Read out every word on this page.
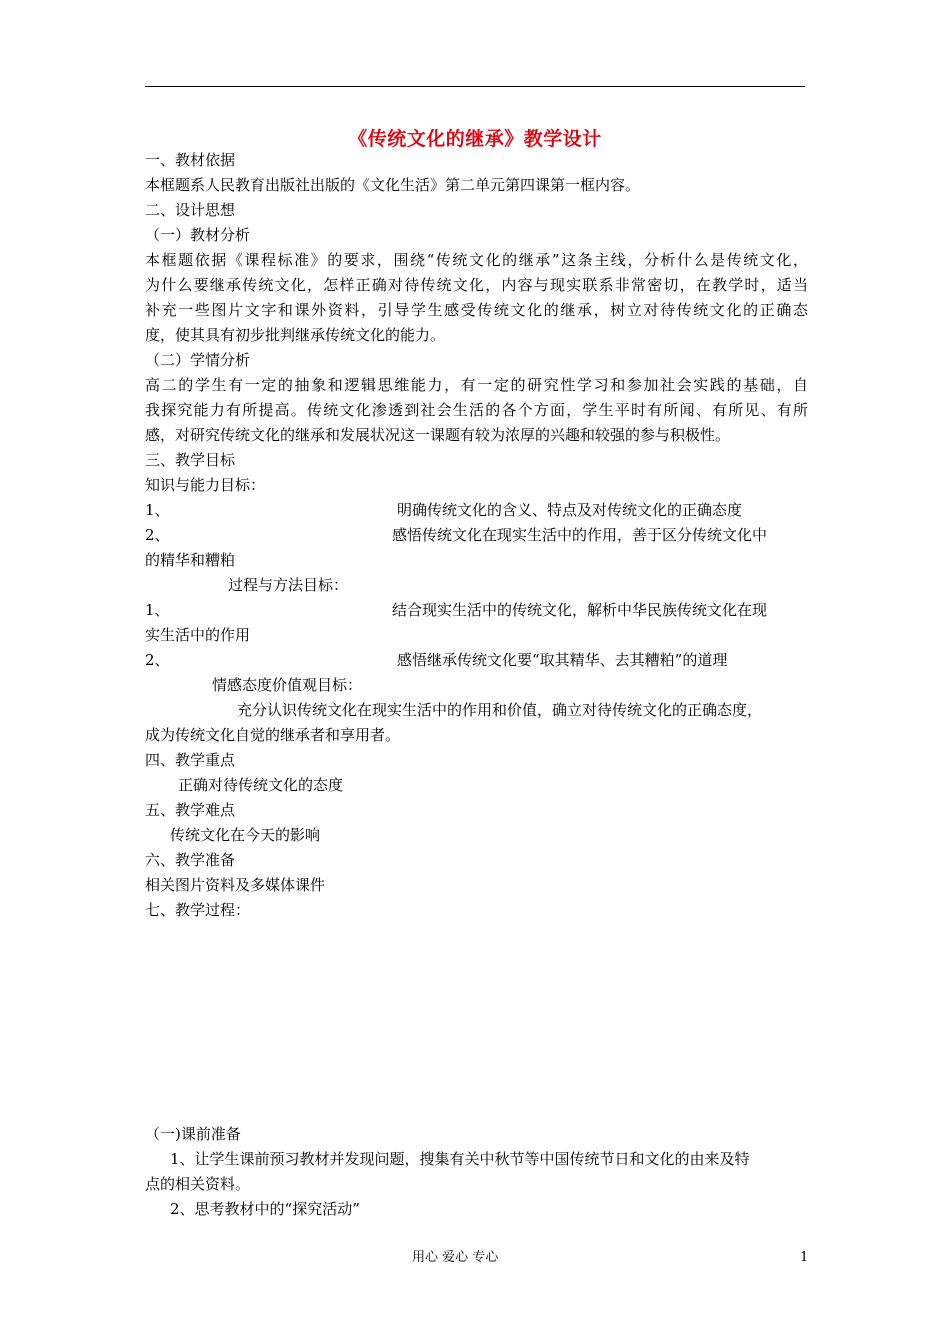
《传统文化的继承》教学设计
一、教材依据
本框题系人民教育出版社出版的《文化生活》第二单元第四课第一框内容。
二、设计思想
（一）教材分析
本框题依据《课程标准》的要求，围绕“传统文化的继承”这条主线，分析什么是传统文化，
为什么要继承传统文化，怎样正确对待传统文化，内容与现实联系非常密切，在教学时，适当
补充一些图片文字和课外资料，引导学生感受传统文化的继承，树立对待传统文化的正确态
度，使其具有初步批判继承传统文化的能力。
（二）学情分析
高二的学生有一定的抽象和逻辑思维能力，有一定的研究性学习和参加社会实践的基础，自
我探究能力有所提高。传统文化渗透到社会生活的各个方面，学生平时有所闻、有所见、有所
感，对研究传统文化的继承和发展状况这一课题有较为浓厚的兴趣和较强的参与积极性。
三、教学目标
知识与能力目标：
1、	明确传统文化的含义、特点及对传统文化的正确态度
2、	感悟传统文化在现实生活中的作用，善于区分传统文化中
的精华和糟粕
过程与方法目标：
1、	结合现实生活中的传统文化，解析中华民族传统文化在现
实生活中的作用
2、	感悟继承传统文化要“取其精华、去其糟粕”的道理
情感态度价值观目标：
充分认识传统文化在现实生活中的作用和价值，确立对待传统文化的正确态度，
成为传统文化自觉的继承者和享用者。
四、教学重点
正确对待传统文化的态度
五、教学难点
传统文化在今天的影响
六、教学准备
相关图片资料及多媒体课件
七、教学过程：
（一)课前准备
1、让学生课前预习教材并发现问题，搜集有关中秋节等中国传统节日和文化的由来及特
点的相关资料。
2、思考教材中的“探究活动”
用心 爱心 专心	1
